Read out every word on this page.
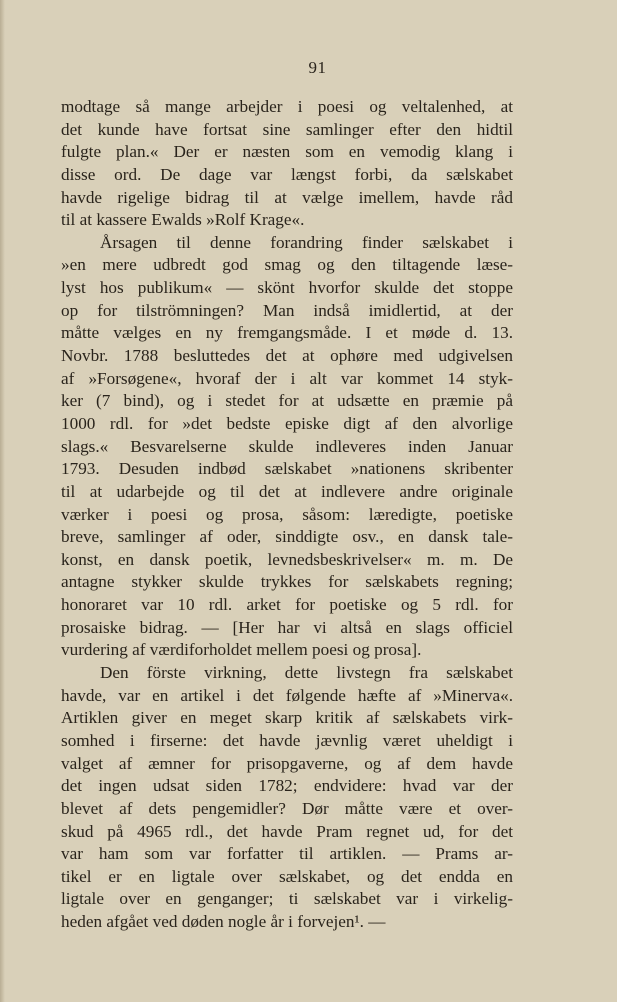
91
modtage så mange arbejder i poesi og veltalenhed, at
det kunde have fortsat sine samlinger efter den hidtil
fulgte plan.« Der er næsten som en vemodig klang i
disse ord. De dage var længst forbi, da sælskabet
havde rigelige bidrag til at vælge imellem, havde råd
til at kassere Ewalds »Rolf Krage«.
Årsagen til denne forandring finder sælskabet i
»en mere udbredt god smag og den tiltagende læse-
lyst hos publikum« — skönt hvorfor skulde det stoppe
op for tilströmningen? Man indså imidlertid, at der
måtte vælges en ny fremgangsmåde. I et møde d. 13.
Novbr. 1788 besluttedes det at ophøre med udgivelsen
af »Forsøgene«, hvoraf der i alt var kommet 14 styk-
ker (7 bind), og i stedet for at udsætte en præmie på
1000 rdl. for »det bedste episke digt af den alvorlige
slags.« Besvarelserne skulde indleveres inden Januar
1793. Desuden indbød sælskabet »nationens skribenter
til at udarbejde og til det at indlevere andre originale
værker i poesi og prosa, såsom: læredigte, poetiske
breve, samlinger af oder, sinddigte osv., en dansk tale-
konst, en dansk poetik, levnedsbeskrivelser« m. m. De
antagne stykker skulde trykkes for sælskabets regning;
honoraret var 10 rdl. arket for poetiske og 5 rdl. for
prosaiske bidrag. — [Her har vi altså en slags officiel
vurdering af værdiforholdet mellem poesi og prosa].
Den förste virkning, dette livstegn fra sælskabet
havde, var en artikel i det følgende hæfte af »Minerva«.
Artiklen giver en meget skarp kritik af sælskabets virk-
somhed i firserne: det havde jævnlig været uheldigt i
valget af æmner for prisopgaverne, og af dem havde
det ingen udsat siden 1782; endvidere: hvad var der
blevet af dets pengemidler? Dør måtte være et over-
skud på 4965 rdl., det havde Pram regnet ud, for det
var ham som var forfatter til artiklen. — Prams ar-
tikel er en ligtale over sælskabet, og det endda en
ligtale over en genganger; ti sælskabet var i virkelig-
heden afgået ved døden nogle år i forvejen¹. —
